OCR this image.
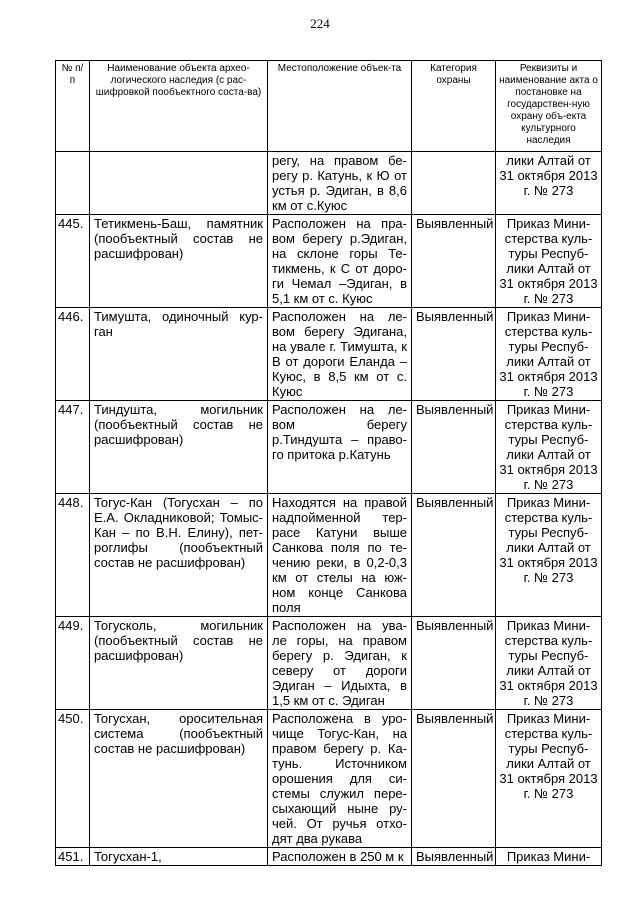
224
№ п/п	Наименование объекта архео-логического наследия (с рас-шифровкой пообъектного соста-ва)	Местоположение объек-та	Категория охраны	Реквизиты и наименование акта о постановке на государствен-ную охрану объ-екта культурного наследия
		регу, на правом бе-регу р. Катунь, к Ю от устья р. Эдиган, в 8,6 км от с.Куюс		лики Алтай от 31 октября 2013 г. № 273
445.	Тетикмень-Баш, памятник (пообъектный состав не расшифрован)	Расположен на пра-вом берегу р.Эдиган, на склоне горы Те-тикмень, к С от доро-ги Чемал –Эдиган, в 5,1 км от с. Куюс	Выявленный	Приказ Мини-стерства куль-туры Респуб-лики Алтай от 31 октября 2013 г. № 273
446.	Тимушта, одиночный кур-ган	Расположен на ле-вом берегу Эдигана, на увале г. Тимушта, к В от дороги Еланда – Куюс, в 8,5 км от с. Куюс	Выявленный	Приказ Мини-стерства куль-туры Респуб-лики Алтай от 31 октября 2013 г. № 273
447.	Тиндушта, могильник (пообъектный состав не расшифрован)	Расположен на ле-вом берегу р.Тиндушта – право-го притока р.Катунь	Выявленный	Приказ Мини-стерства куль-туры Респуб-лики Алтай от 31 октября 2013 г. № 273
448.	Тогус-Кан (Тогусхан – по Е.А. Окладниковой; Томыс-Кан – по В.Н. Елину), пет-роглифы (пообъектный состав не расшифрован)	Находятся на правой надпойменной тер-расе Катуни выше Санкова поля по те-чению реки, в 0,2-0,3 км от стелы на юж-ном конце Санкова поля	Выявленный	Приказ Мини-стерства куль-туры Респуб-лики Алтай от 31 октября 2013 г. № 273
449.	Тогусколь, могильник (пообъектный состав не расшифрован)	Расположен на ува-ле горы, на правом берегу р. Эдиган, к северу от дороги Эдиган – Идыхта, в 1,5 км от с. Эдиган	Выявленный	Приказ Мини-стерства куль-туры Респуб-лики Алтай от 31 октября 2013 г. № 273
450.	Тогусхан, оросительная система (пообъектный состав не расшифрован)	Расположена в уро-чище Тогус-Кан, на правом берегу р. Ка-тунь. Источником орошения для си-стемы служил пере-сыхающий ныне ру-чей. От ручья отхо-дят два рукава	Выявленный	Приказ Мини-стерства куль-туры Респуб-лики Алтай от 31 октября 2013 г. № 273
451.	Тогусхан-1,	Расположен в 250 м к	Выявленный	Приказ Мини-
